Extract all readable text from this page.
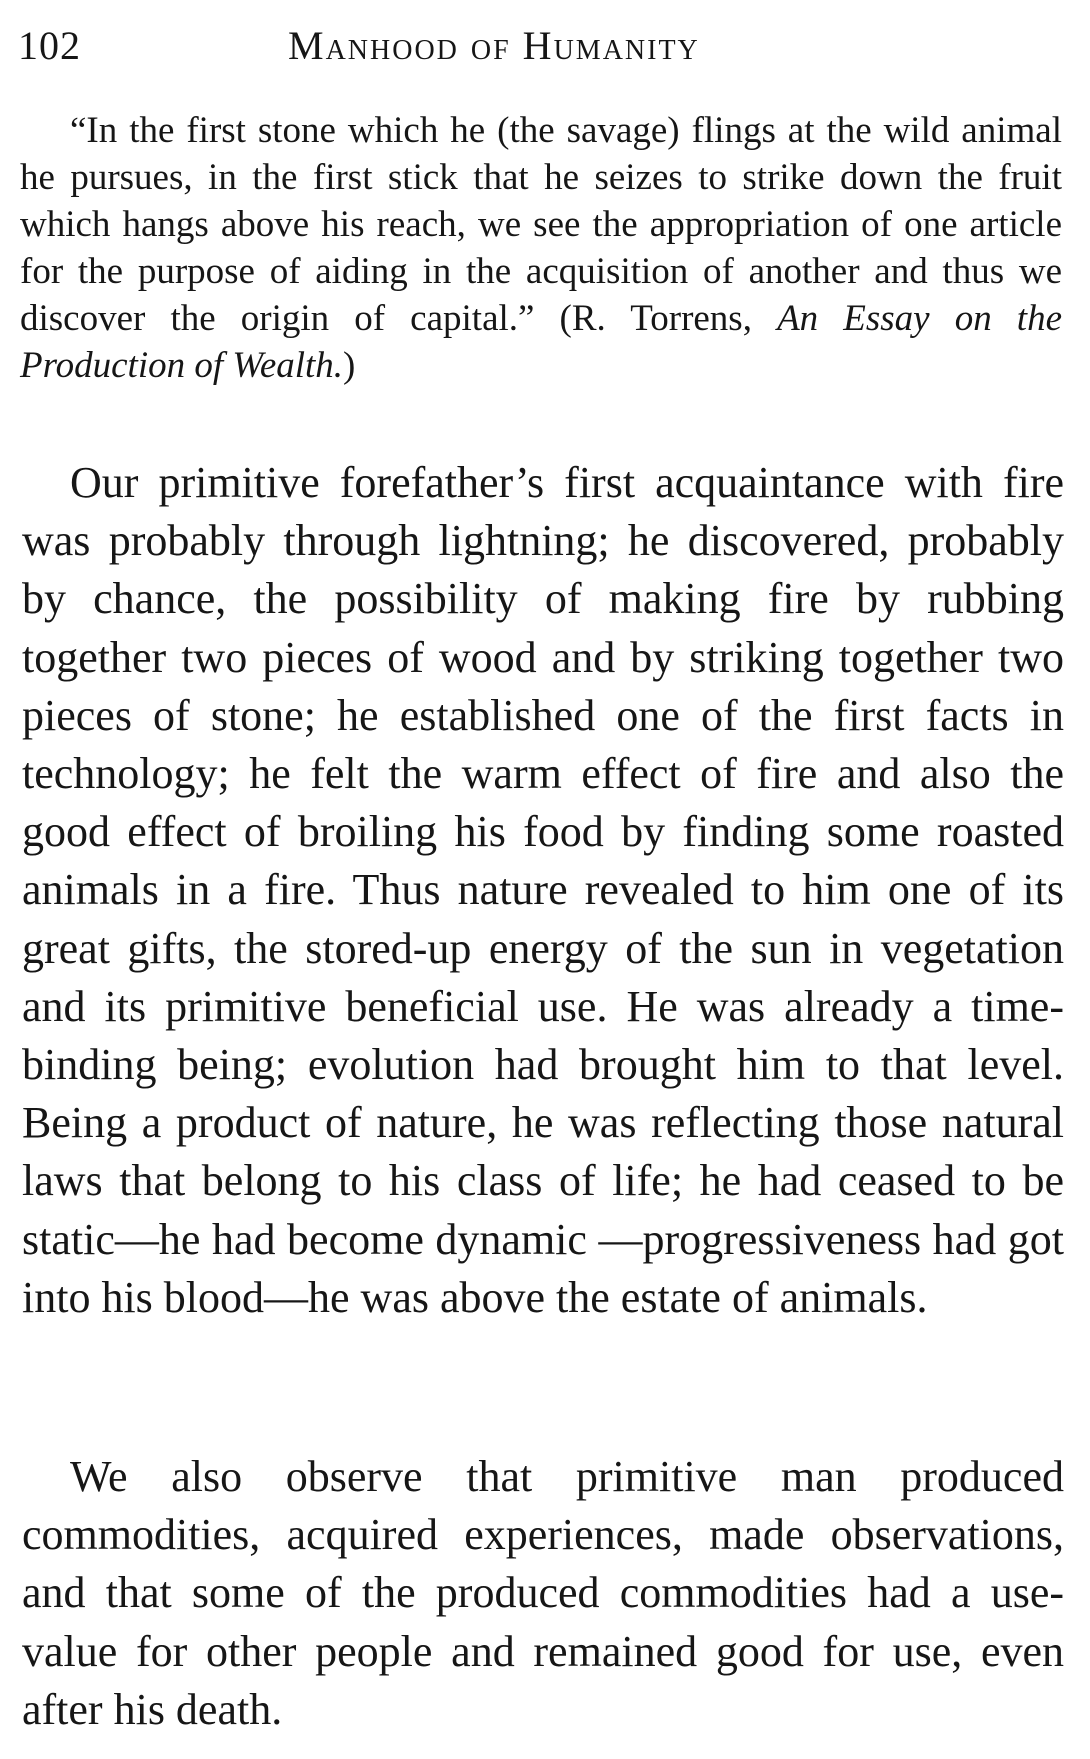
102	Manhood of Humanity
“In the first stone which he (the savage) flings at the wild animal he pursues, in the first stick that he seizes to strike down the fruit which hangs above his reach, we see the appropriation of one article for the purpose of aiding in the acquisition of another and thus we discover the origin of capital.” (R. Torrens, An Essay on the Production of Wealth.)

Our primitive forefather’s first acquaintance with fire was probably through lightning; he discovered, probably by chance, the possibility of making fire by rubbing together two pieces of wood and by striking together two pieces of stone; he established one of the first facts in technology; he felt the warm effect of fire and also the good effect of broiling his food by finding some roasted animals in a fire. Thus nature revealed to him one of its great gifts, the stored-up energy of the sun in vegetation and its primitive beneficial use. He was already a time-binding being; evolution had brought him to that level. Being a product of nature, he was reflecting those natural laws that belong to his class of life; he had ceased to be static—he had become dynamic —progressiveness had got into his blood—he was above the estate of animals.

We also observe that primitive man produced commodities, acquired experiences, made observations, and that some of the produced commodities had a use-value for other people and remained good for use, even after his death.
